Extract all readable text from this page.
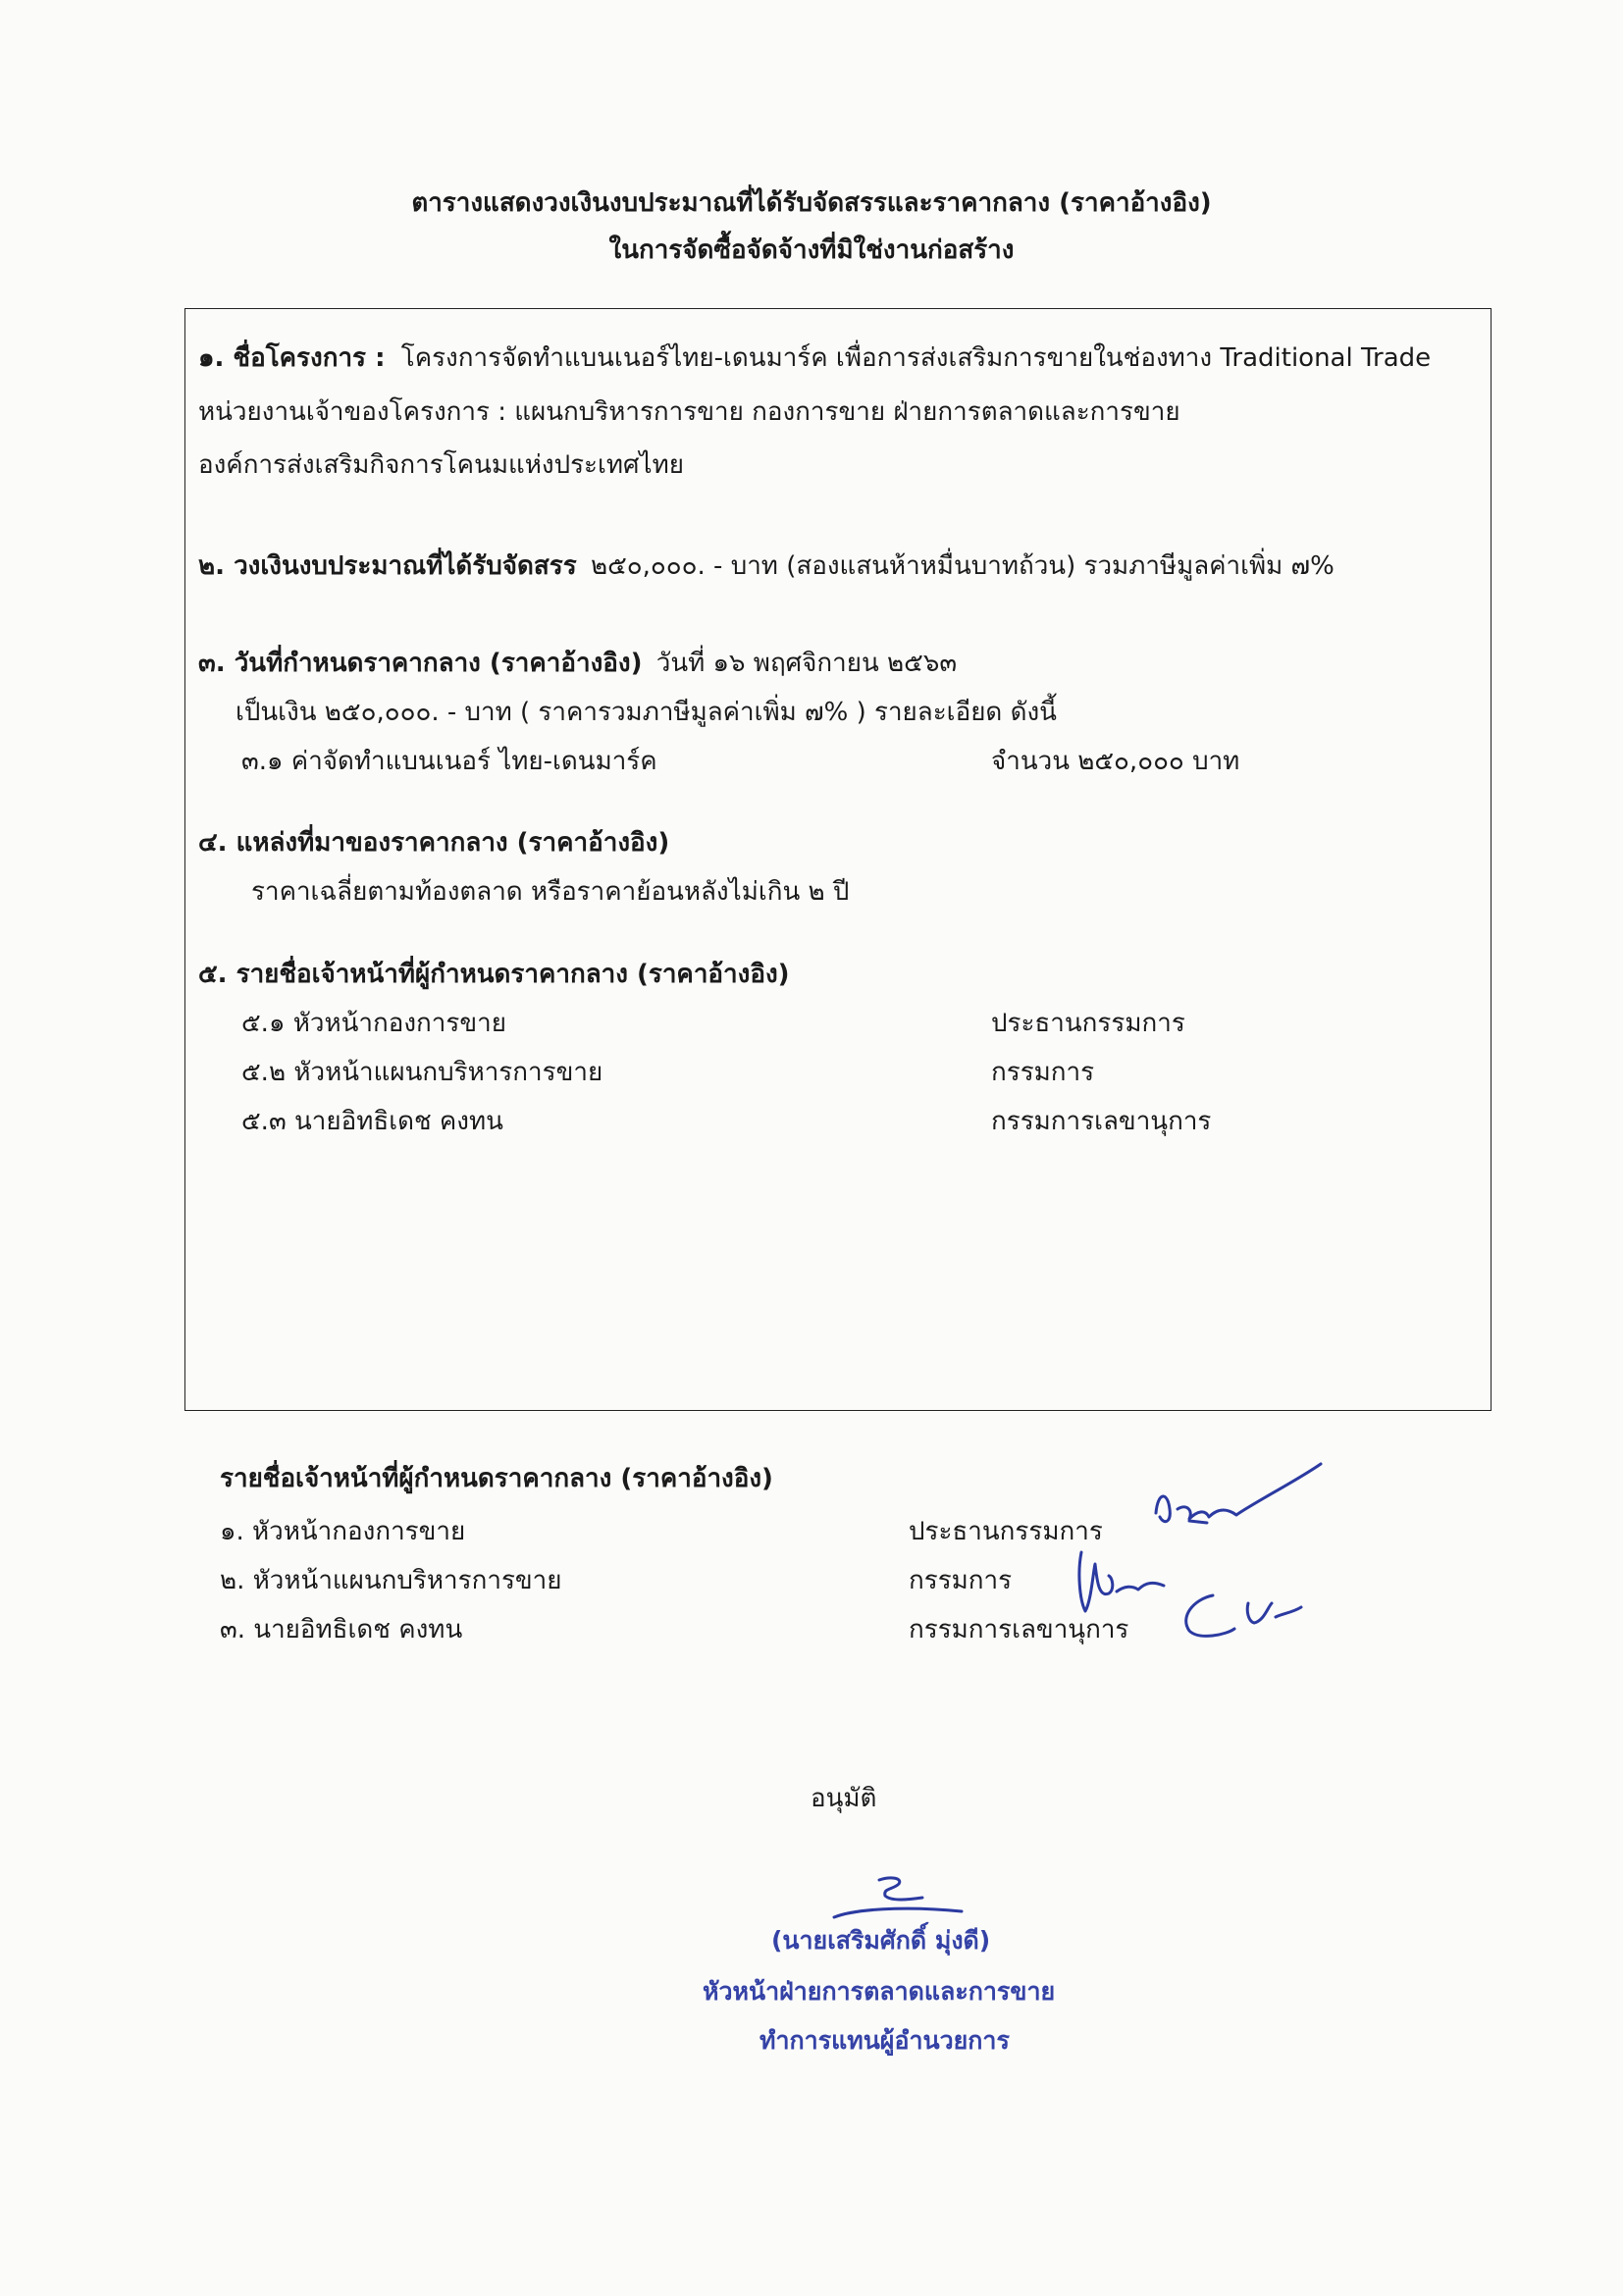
ตารางแสดงวงเงินงบประมาณที่ได้รับจัดสรรและราคากลาง (ราคาอ้างอิง)
ในการจัดซื้อจัดจ้างที่มิใช่งานก่อสร้าง
๑. ชื่อโครงการ : โครงการจัดทำแบนเนอร์ไทย-เดนมาร์ค เพื่อการส่งเสริมการขายในช่องทาง Traditional Trade
หน่วยงานเจ้าของโครงการ : แผนกบริหารการขาย กองการขาย ฝ่ายการตลาดและการขาย
องค์การส่งเสริมกิจการโคนมแห่งประเทศไทย
๒. วงเงินงบประมาณที่ได้รับจัดสรร ๒๕๐,๐๐๐. - บาท (สองแสนห้าหมื่นบาทถ้วน) รวมภาษีมูลค่าเพิ่ม ๗%
๓. วันที่กำหนดราคากลาง (ราคาอ้างอิง) วันที่ ๑๖ พฤศจิกายน ๒๕๖๓
เป็นเงิน ๒๕๐,๐๐๐. - บาท ( ราคารวมภาษีมูลค่าเพิ่ม ๗% ) รายละเอียด ดังนี้
๓.๑ ค่าจัดทำแบนเนอร์ ไทย-เดนมาร์ค	จำนวน ๒๕๐,๐๐๐ บาท
๔. แหล่งที่มาของราคากลาง (ราคาอ้างอิง)
ราคาเฉลี่ยตามท้องตลาด หรือราคาย้อนหลังไม่เกิน ๒ ปี
๕. รายชื่อเจ้าหน้าที่ผู้กำหนดราคากลาง (ราคาอ้างอิง)
๕.๑ หัวหน้ากองการขาย	ประธานกรรมการ
๕.๒ หัวหน้าแผนกบริหารการขาย	กรรมการ
๕.๓ นายอิทธิเดช คงทน	กรรมการเลขานุการ
รายชื่อเจ้าหน้าที่ผู้กำหนดราคากลาง (ราคาอ้างอิง)
๑. หัวหน้ากองการขาย	ประธานกรรมการ
๒. หัวหน้าแผนกบริหารการขาย	กรรมการ
๓. นายอิทธิเดช คงทน	กรรมการเลขานุการ
อนุมัติ
(นายเสริมศักดิ์ มุ่งดี)
หัวหน้าฝ่ายการตลาดและการขาย
ทำการแทนผู้อำนวยการ
